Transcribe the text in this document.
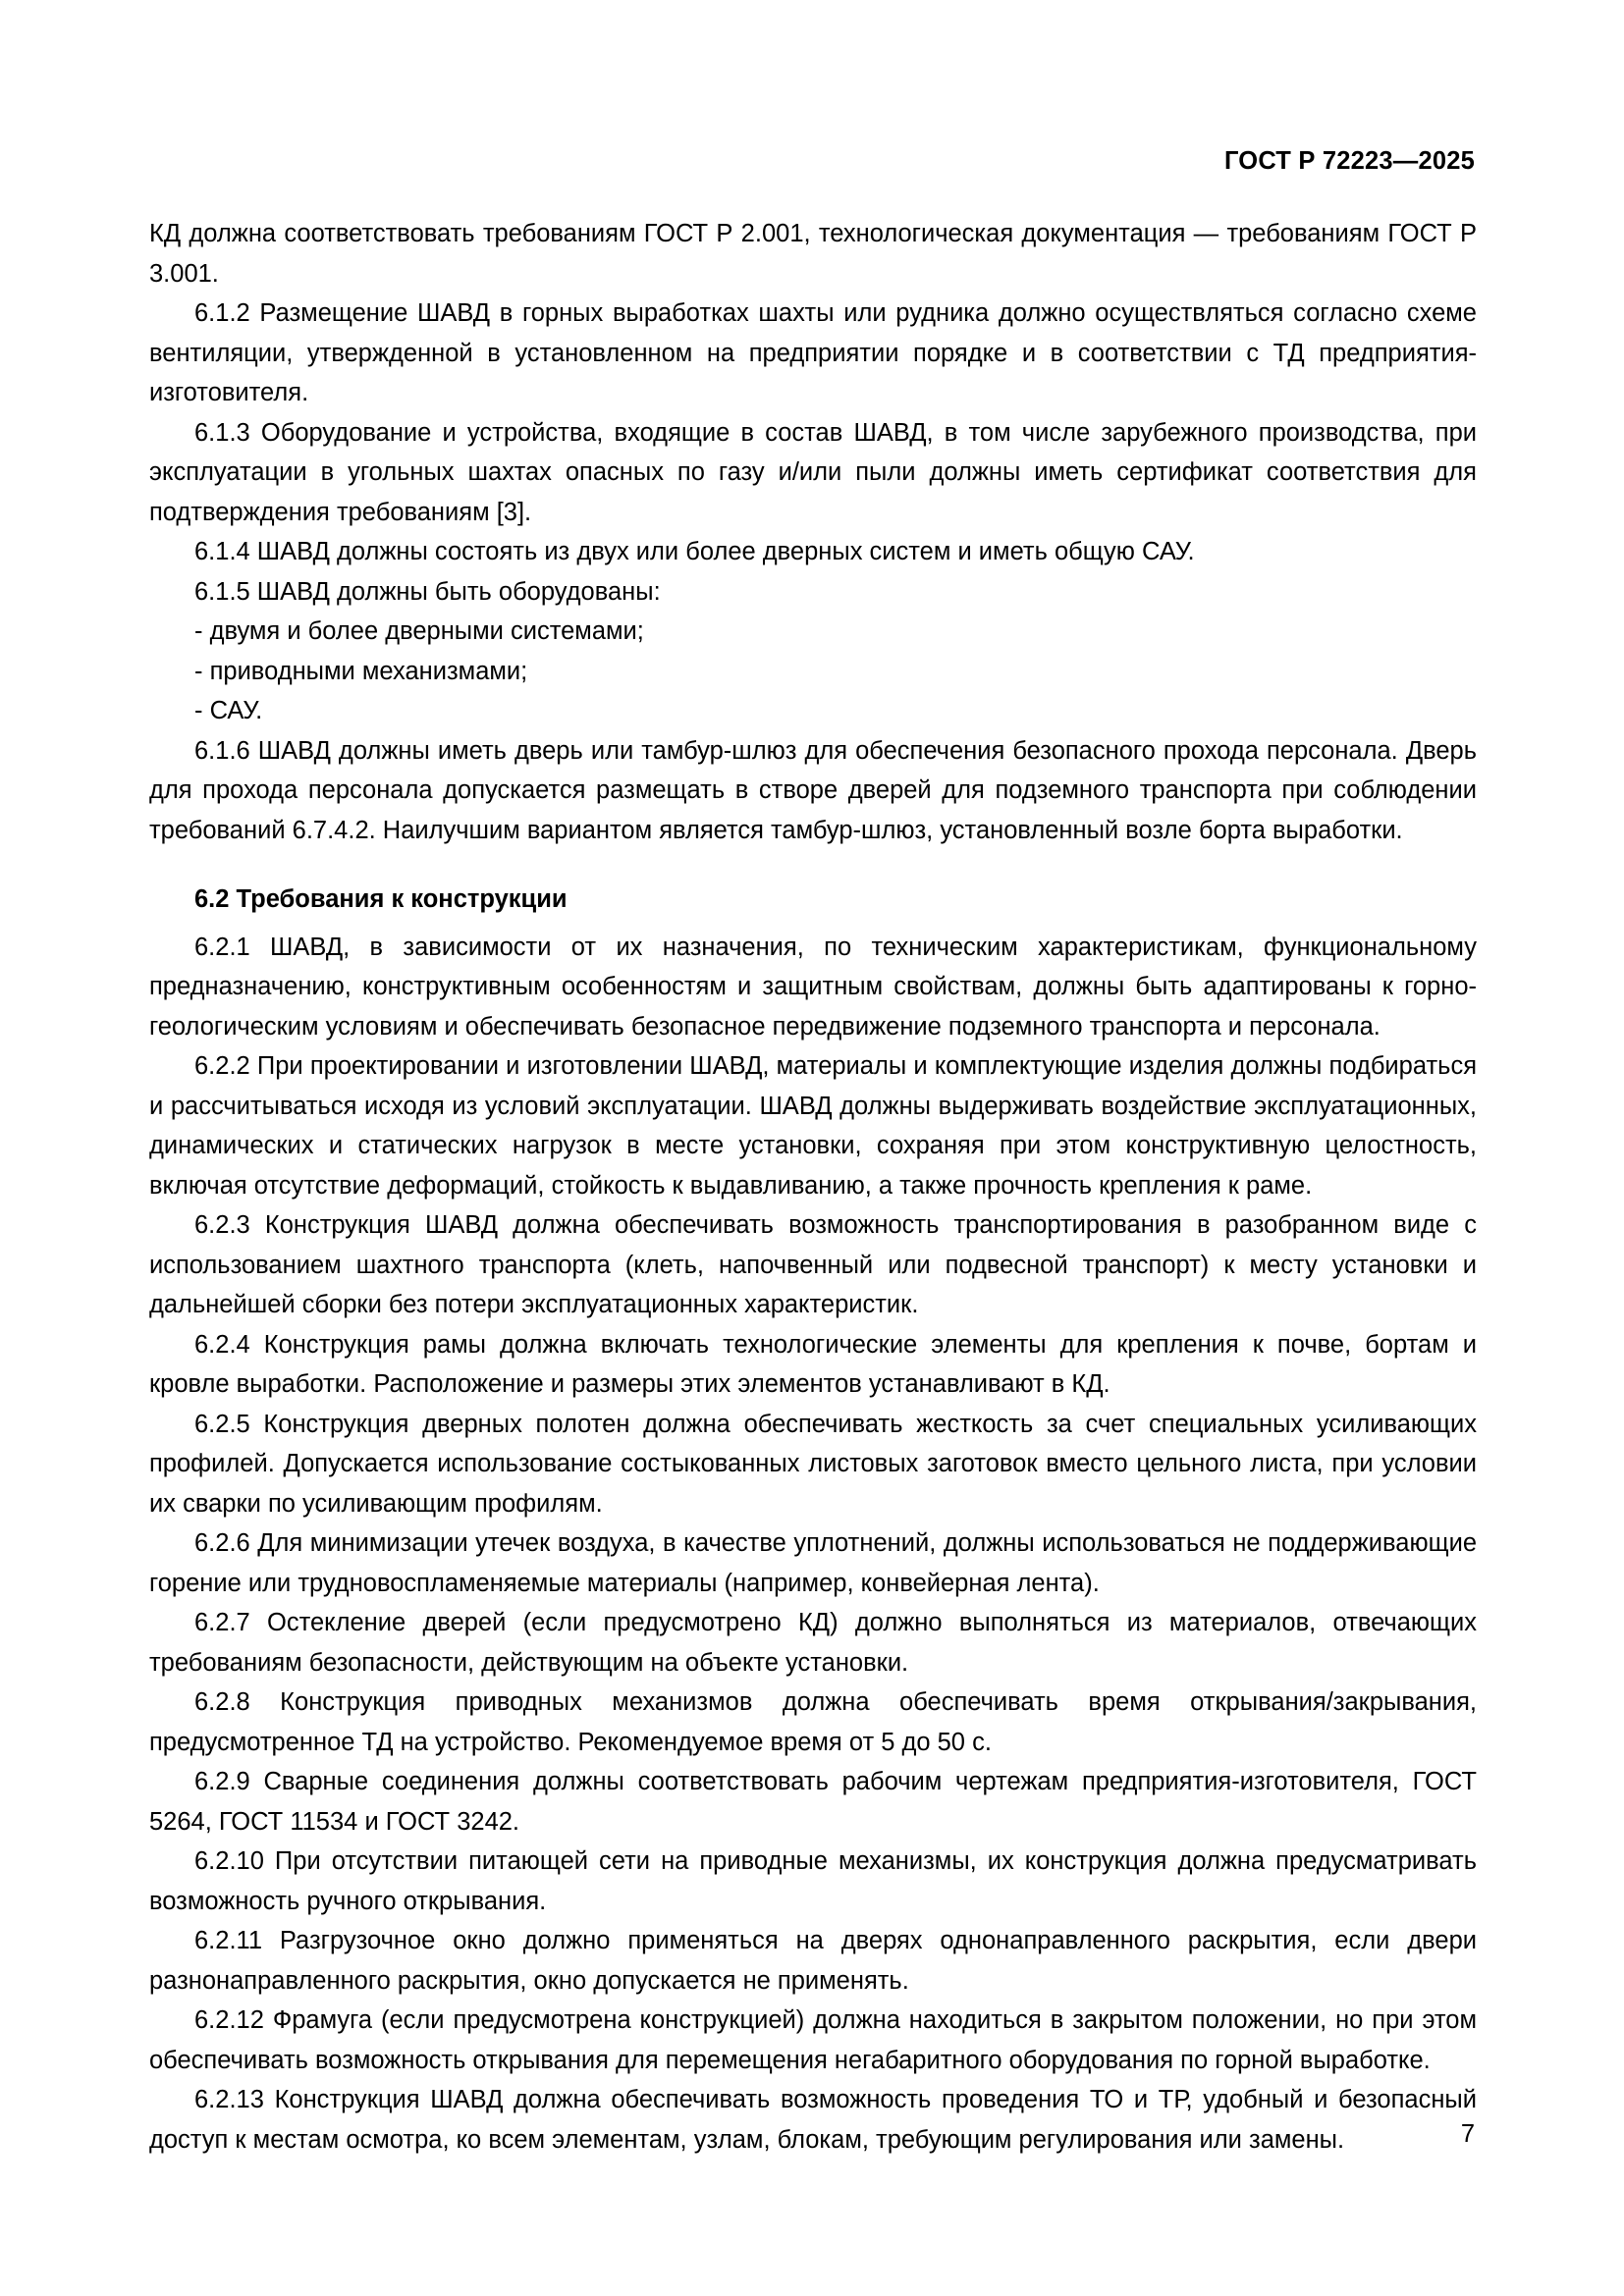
ГОСТ Р 72223—2025

КД должна соответствовать требованиям ГОСТ Р 2.001, технологическая документация — требованиям ГОСТ Р 3.001.

6.1.2 Размещение ШАВД в горных выработках шахты или рудника должно осуществляться согласно схеме вентиляции, утвержденной в установленном на предприятии порядке и в соответствии с ТД предприятия-изготовителя.

6.1.3 Оборудование и устройства, входящие в состав ШАВД, в том числе зарубежного производства, при эксплуатации в угольных шахтах опасных по газу и/или пыли должны иметь сертификат соответствия для подтверждения требованиям [3].

6.1.4 ШАВД должны состоять из двух или более дверных систем и иметь общую САУ.

6.1.5 ШАВД должны быть оборудованы:

- двумя и более дверными системами;

- приводными механизмами;

- САУ.

6.1.6 ШАВД должны иметь дверь или тамбур-шлюз для обеспечения безопасного прохода персонала. Дверь для прохода персонала допускается размещать в створе дверей для подземного транспорта при соблюдении требований 6.7.4.2. Наилучшим вариантом является тамбур-шлюз, установленный возле борта выработки.

6.2 Требования к конструкции

6.2.1 ШАВД, в зависимости от их назначения, по техническим характеристикам, функциональному предназначению, конструктивным особенностям и защитным свойствам, должны быть адаптированы к горно-геологическим условиям и обеспечивать безопасное передвижение подземного транспорта и персонала.

6.2.2 При проектировании и изготовлении ШАВД, материалы и комплектующие изделия должны подбираться и рассчитываться исходя из условий эксплуатации. ШАВД должны выдерживать воздействие эксплуатационных, динамических и статических нагрузок в месте установки, сохраняя при этом конструктивную целостность, включая отсутствие деформаций, стойкость к выдавливанию, а также прочность крепления к раме.

6.2.3 Конструкция ШАВД должна обеспечивать возможность транспортирования в разобранном виде с использованием шахтного транспорта (клеть, напочвенный или подвесной транспорт) к месту установки и дальнейшей сборки без потери эксплуатационных характеристик.

6.2.4 Конструкция рамы должна включать технологические элементы для крепления к почве, бортам и кровле выработки. Расположение и размеры этих элементов устанавливают в КД.

6.2.5 Конструкция дверных полотен должна обеспечивать жесткость за счет специальных усиливающих профилей. Допускается использование состыкованных листовых заготовок вместо цельного листа, при условии их сварки по усиливающим профилям.

6.2.6 Для минимизации утечек воздуха, в качестве уплотнений, должны использоваться не поддерживающие горение или трудновоспламеняемые материалы (например, конвейерная лента).

6.2.7 Остекление дверей (если предусмотрено КД) должно выполняться из материалов, отвечающих требованиям безопасности, действующим на объекте установки.

6.2.8 Конструкция приводных механизмов должна обеспечивать время открывания/закрывания, предусмотренное ТД на устройство. Рекомендуемое время от 5 до 50 с.

6.2.9 Сварные соединения должны соответствовать рабочим чертежам предприятия-изготовителя, ГОСТ 5264, ГОСТ 11534 и ГОСТ 3242.

6.2.10 При отсутствии питающей сети на приводные механизмы, их конструкция должна предусматривать возможность ручного открывания.

6.2.11 Разгрузочное окно должно применяться на дверях однонаправленного раскрытия, если двери разнонаправленного раскрытия, окно допускается не применять.

6.2.12 Фрамуга (если предусмотрена конструкцией) должна находиться в закрытом положении, но при этом обеспечивать возможность открывания для перемещения негабаритного оборудования по горной выработке.

6.2.13 Конструкция ШАВД должна обеспечивать возможность проведения ТО и ТР, удобный и безопасный доступ к местам осмотра, ко всем элементам, узлам, блокам, требующим регулирования или замены.	7
